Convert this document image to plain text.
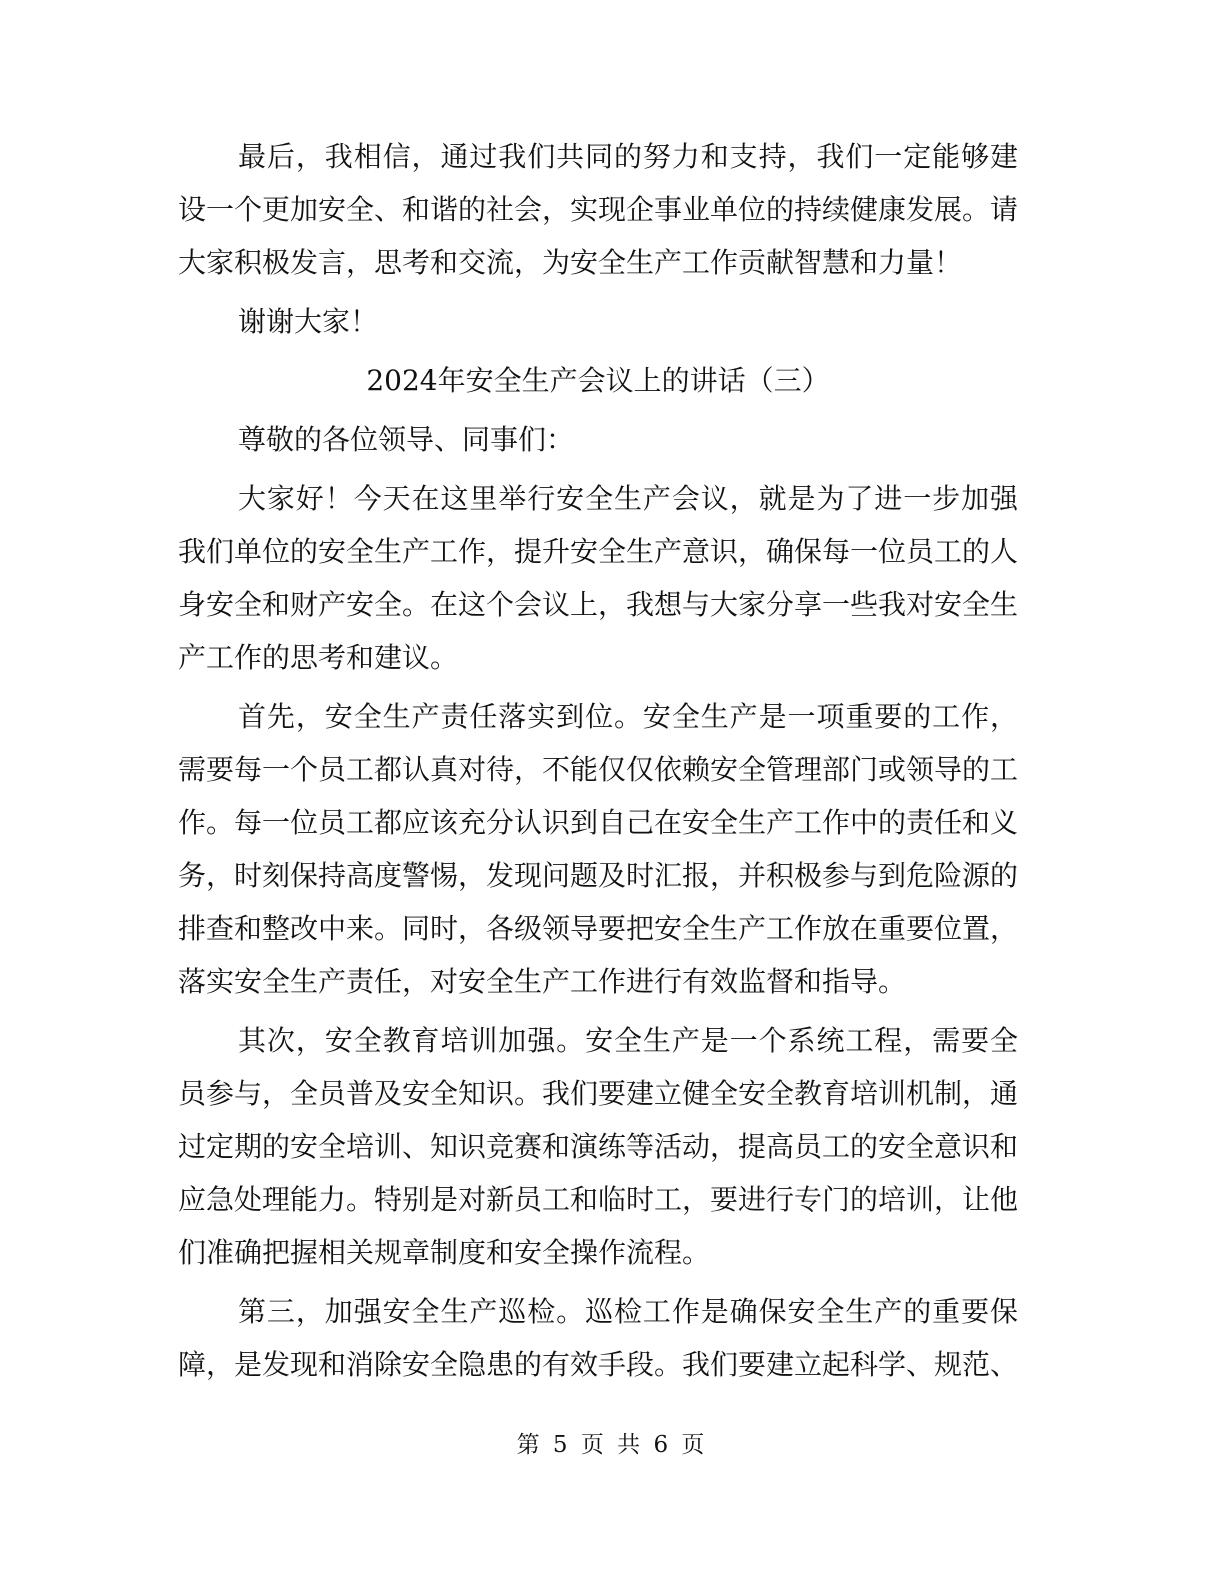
最后，我相信，通过我们共同的努力和支持，我们一定能够建设一个更加安全、和谐的社会，实现企事业单位的持续健康发展。请大家积极发言，思考和交流，为安全生产工作贡献智慧和力量！

谢谢大家！

2024年安全生产会议上的讲话（三）

尊敬的各位领导、同事们：

大家好！今天在这里举行安全生产会议，就是为了进一步加强我们单位的安全生产工作，提升安全生产意识，确保每一位员工的人身安全和财产安全。在这个会议上，我想与大家分享一些我对安全生产工作的思考和建议。

首先，安全生产责任落实到位。安全生产是一项重要的工作，需要每一个员工都认真对待，不能仅仅依赖安全管理部门或领导的工作。每一位员工都应该充分认识到自己在安全生产工作中的责任和义务，时刻保持高度警惕，发现问题及时汇报，并积极参与到危险源的排查和整改中来。同时，各级领导要把安全生产工作放在重要位置，落实安全生产责任，对安全生产工作进行有效监督和指导。

其次，安全教育培训加强。安全生产是一个系统工程，需要全员参与，全员普及安全知识。我们要建立健全安全教育培训机制，通过定期的安全培训、知识竞赛和演练等活动，提高员工的安全意识和应急处理能力。特别是对新员工和临时工，要进行专门的培训，让他们准确把握相关规章制度和安全操作流程。

第三，加强安全生产巡检。巡检工作是确保安全生产的重要保障，是发现和消除安全隐患的有效手段。我们要建立起科学、规范、

第 5 页 共 6 页
